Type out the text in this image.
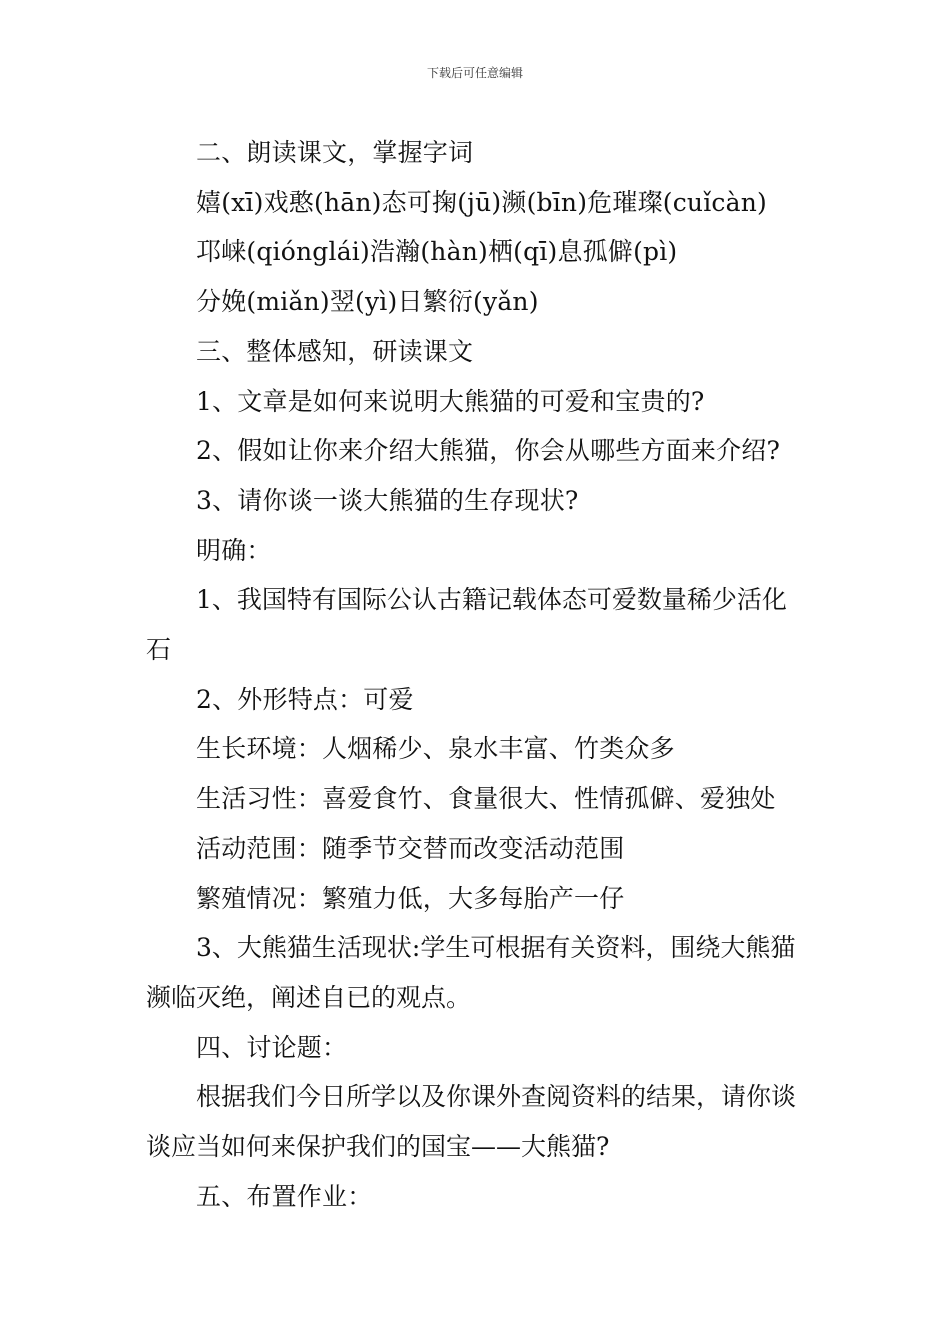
下载后可任意编辑
二、朗读课文，掌握字词
嬉(xī)戏憨(hān)态可掬(jū)濒(bīn)危璀璨(cuǐcàn)
邛崃(qiónglái)浩瀚(hàn)栖(qī)息孤僻(pì)
分娩(miǎn)翌(yì)日繁衍(yǎn)
三、整体感知，研读课文
1、文章是如何来说明大熊猫的可爱和宝贵的?
2、假如让你来介绍大熊猫，你会从哪些方面来介绍?
3、请你谈一谈大熊猫的生存现状?
明确：
1、我国特有国际公认古籍记载体态可爱数量稀少活化石
2、外形特点：可爱
生长环境：人烟稀少、泉水丰富、竹类众多
生活习性：喜爱食竹、食量很大、性情孤僻、爱独处
活动范围：随季节交替而改变活动范围
繁殖情况：繁殖力低，大多每胎产一仔
3、大熊猫生活现状:学生可根据有关资料，围绕大熊猫濒临灭绝，阐述自已的观点。
四、讨论题：
根据我们今日所学以及你课外查阅资料的结果，请你谈谈应当如何来保护我们的国宝——大熊猫?
五、布置作业：
